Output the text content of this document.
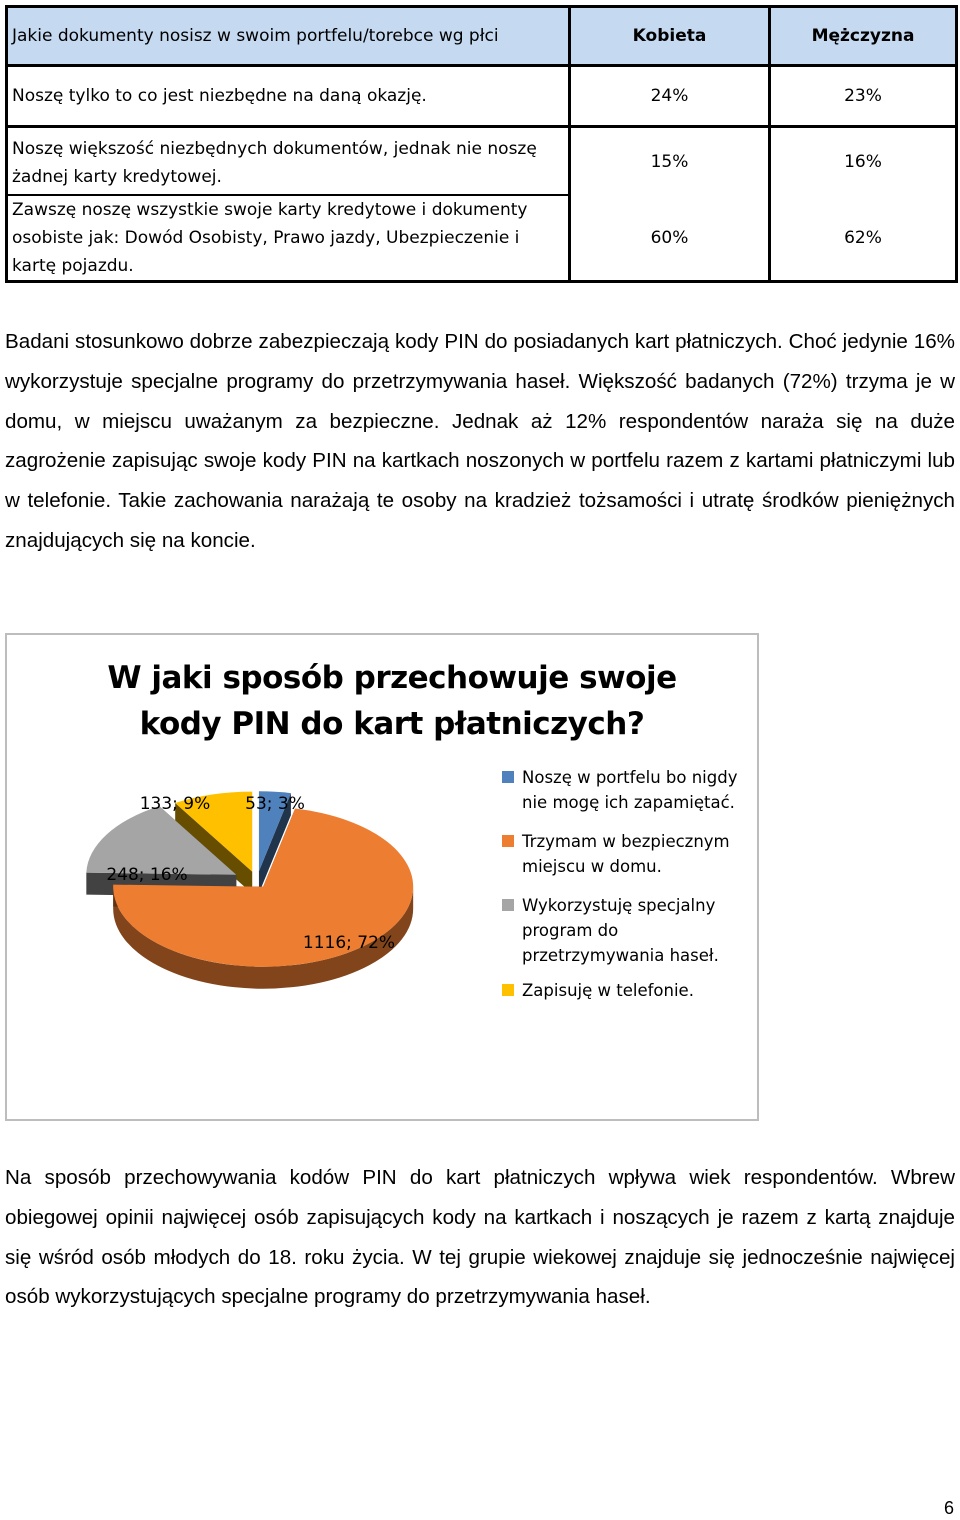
Jakie dokumenty nosisz w swoim portfelu/torebce wg płci	Kobieta	Mężczyzna
Noszę tylko to co jest niezbędne na daną okazję.	24%	23%
Noszę większość niezbędnych dokumentów, jednak nie noszę żadnej karty kredytowej.	15%	16%
Zawszę noszę wszystkie swoje karty kredytowe i dokumenty osobiste jak: Dowód Osobisty, Prawo jazdy, Ubezpieczenie i kartę pojazdu.	60%	62%

Badani stosunkowo dobrze zabezpieczają kody PIN do posiadanych kart płatniczych. Choć jedynie 16% wykorzystuje specjalne programy do przetrzymywania haseł. Większość badanych (72%) trzyma je w domu, w miejscu uważanym za bezpieczne. Jednak aż 12% respondentów naraża się na duże zagrożenie zapisując swoje kody PIN na kartkach noszonych w portfelu razem z kartami płatniczymi lub w telefonie. Takie zachowania narażają te osoby na kradzież tożsamości i utratę środków pieniężnych znajdujących się na koncie.

W jaki sposób przechowuje swoje
kody PIN do kart płatniczych?
53; 3%
1116; 72%
248; 16%
133; 9%
Noszę w portfelu bo nigdy nie mogę ich zapamiętać.
Trzymam w bezpiecznym miejscu w domu.
Wykorzystuję specjalny program do przetrzymywania haseł.
Zapisuję w telefonie.

Na sposób przechowywania kodów PIN do kart płatniczych wpływa wiek respondentów. Wbrew obiegowej opinii najwięcej osób zapisujących kody na kartkach i noszących je razem z kartą znajduje się wśród osób młodych do 18. roku życia. W tej grupie wiekowej znajduje się jednocześnie najwięcej osób wykorzystujących specjalne programy do przetrzymywania haseł.

6
